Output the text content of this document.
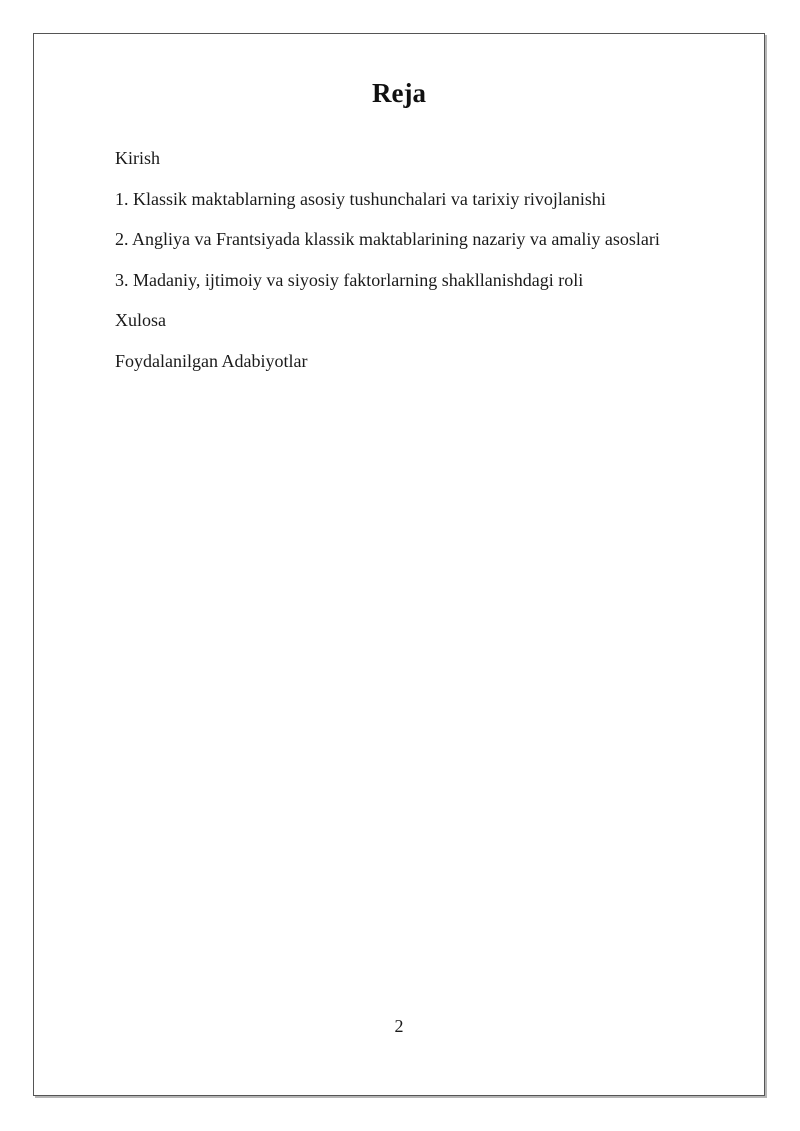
Reja
Kirish
1. Klassik maktablarning asosiy tushunchalari va tarixiy rivojlanishi
2. Angliya va Frantsiyada klassik maktablarining nazariy va amaliy asoslari
3. Madaniy, ijtimoiy va siyosiy faktorlarning shakllanishdagi roli
Xulosa
Foydalanilgan Adabiyotlar
2
